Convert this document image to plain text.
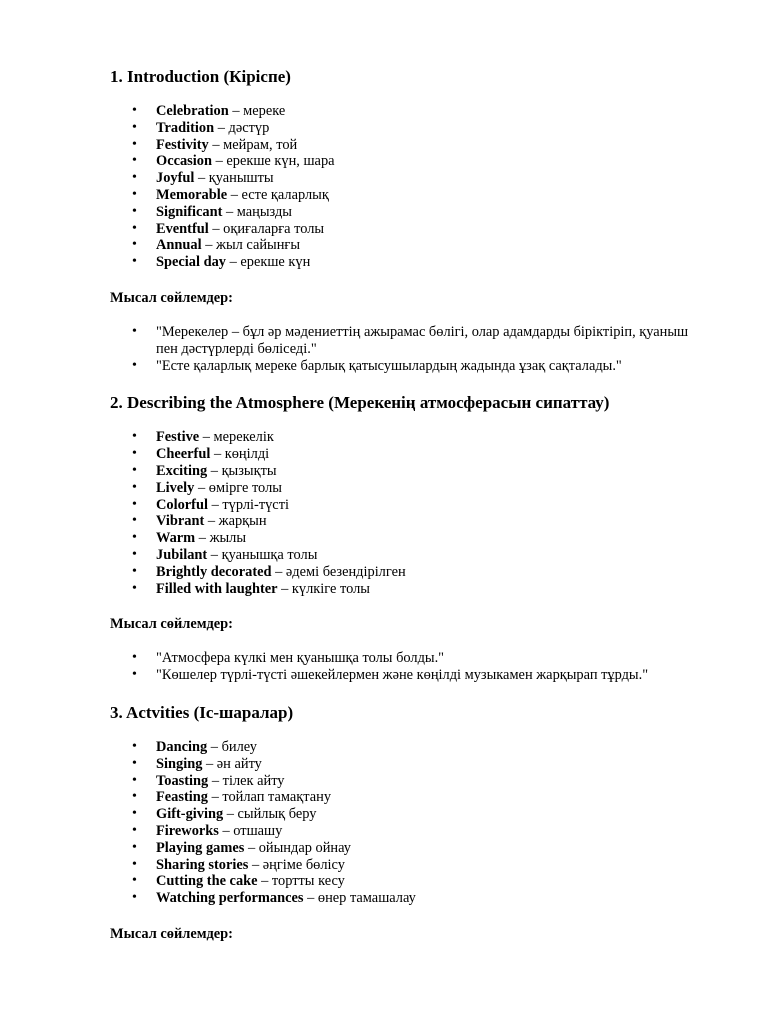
1. Introduction (Кіріспе)
• Celebration – мереке
• Tradition – дәстүр
• Festivity – мейрам, той
• Occasion – ерекше күн, шара
• Joyful – қуанышты
• Memorable – есте қаларлық
• Significant – маңызды
• Eventful – оқиғаларға толы
• Annual – жыл сайынғы
• Special day – ерекше күн
Мысал сөйлемдер:
• "Мерекелер – бұл әр мәдениеттің ажырамас бөлігі, олар адамдарды біріктіріп, қуаныш пен дәстүрлерді бөліседі."
• "Есте қаларлық мереке барлық қатысушылардың жадында ұзақ сақталады."
2. Describing the Atmosphere (Мерекенің атмосферасын сипаттау)
• Festive – мерекелік
• Cheerful – көңілді
• Exciting – қызықты
• Lively – өмірге толы
• Colorful – түрлі-түсті
• Vibrant – жарқын
• Warm – жылы
• Jubilant – қуанышқа толы
• Brightly decorated – әдемі безендірілген
• Filled with laughter – күлкіге толы
Мысал сөйлемдер:
• "Атмосфера күлкі мен қуанышқа толы болды."
• "Көшелер түрлі-түсті әшекейлермен және көңілді музыкамен жарқырап тұрды."
3. Actvities (Іс-шаралар)
• Dancing – билеу
• Singing – ән айту
• Toasting – тілек айту
• Feasting – тойлап тамақтану
• Gift-giving – сыйлық беру
• Fireworks – отшашу
• Playing games – ойындар ойнау
• Sharing stories – әңгіме бөлісу
• Cutting the cake – тортты кесу
• Watching performances – өнер тамашалау
Мысал сөйлемдер:
